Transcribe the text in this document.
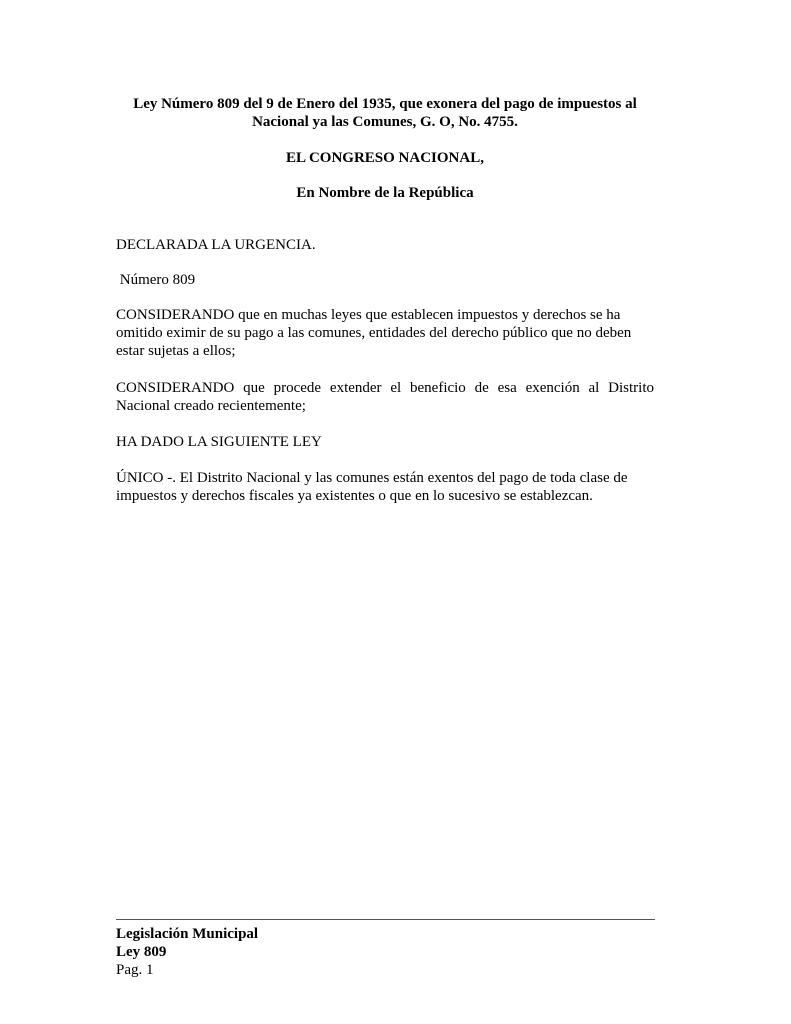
Ley Número 809 del 9 de Enero del 1935, que exonera del pago de impuestos al
Nacional ya las Comunes, G. O, No. 4755.
EL CONGRESO NACIONAL,
En Nombre de la República
DECLARADA LA URGENCIA.
Número 809
CONSIDERANDO que en muchas leyes que establecen impuestos y derechos se ha
omitido eximir de su pago a las comunes, entidades del derecho público que no deben
estar sujetas a ellos;
CONSIDERANDO que procede extender el beneficio de esa exención al Distrito
Nacional creado recientemente;
HA DADO LA SIGUIENTE LEY
ÚNICO -. El Distrito Nacional y las comunes están exentos del pago de toda clase de
impuestos y derechos fiscales ya existentes o que en lo sucesivo se establezcan.
Legislación Municipal
Ley 809
Pag. 1
